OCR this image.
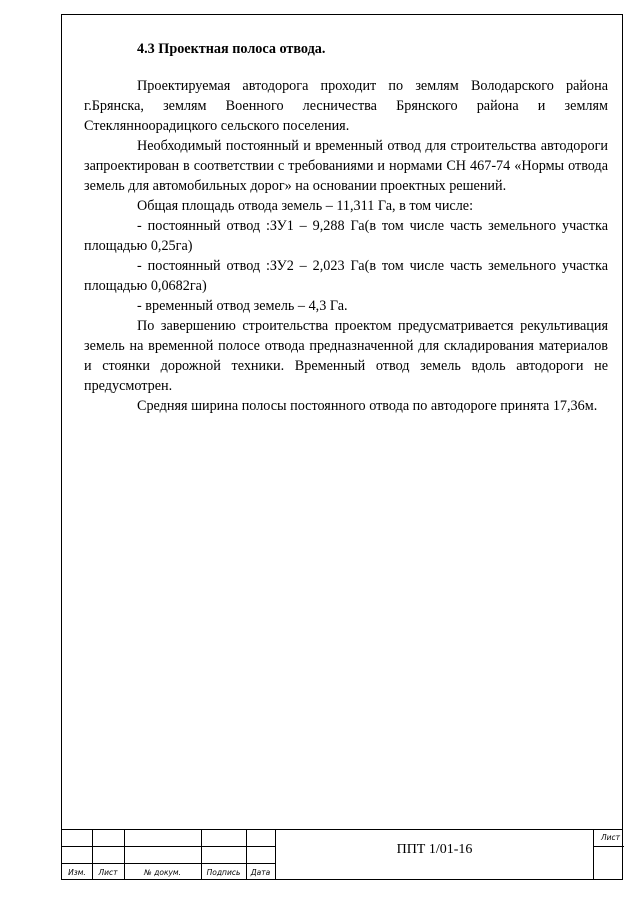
4.3 Проектная полоса отвода.

Проектируемая автодорога проходит по землям Володарского района г.Брянска, землям Военного лесничества Брянского района и землям Стеклянноорадицкого сельского поселения.

Необходимый постоянный и временный отвод для строительства автодороги запроектирован в соответствии с требованиями и нормами СН 467-74 «Нормы отвода земель для автомобильных дорог» на основании проектных решений.

Общая площадь отвода земель – 11,311 Га, в том числе:

- постоянный отвод :ЗУ1 – 9,288 Га(в том числе часть земельного участка площадью 0,25га)

- постоянный отвод :ЗУ2 – 2,023 Га(в том числе часть земельного участка площадью 0,0682га)

- временный отвод земель – 4,3 Га.

По завершению строительства проектом предусматривается рекультивация земель на временной полосе отвода предназначенной для складирования материалов и стоянки дорожной техники. Временный отвод земель вдоль автодороги не предусмотрен.

Средняя ширина полосы постоянного отвода по автодороге принята 17,36м.

Изм.	Лист	№ докум.	Подпись	Дата
ППТ 1/01-16
Лист
